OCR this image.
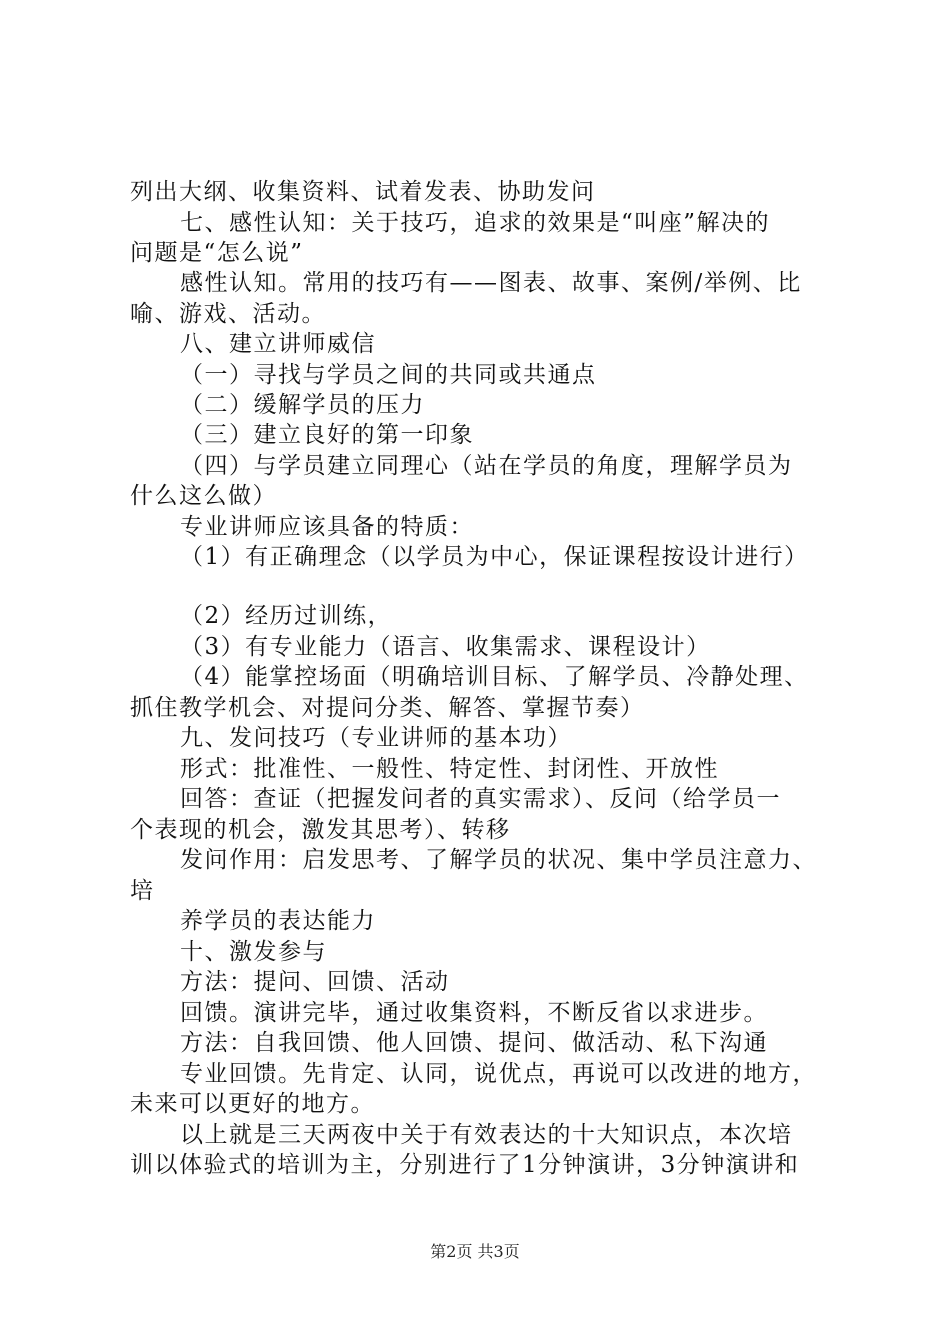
列出大纲、收集资料、试着发表、协助发问
七、感性认知：关于技巧，追求的效果是“叫座”解决的
问题是“怎么说”
感性认知。常用的技巧有——图表、故事、案例/举例、比
喻、游戏、活动。
八、建立讲师威信
（一）寻找与学员之间的共同或共通点
（二）缓解学员的压力
（三）建立良好的第一印象
（四）与学员建立同理心（站在学员的角度，理解学员为
什么这么做）
专业讲师应该具备的特质：
（1）有正确理念（以学员为中心，保证课程按设计进行）
（2）经历过训练，
（3）有专业能力（语言、收集需求、课程设计）
（4）能掌控场面（明确培训目标、了解学员、冷静处理、
抓住教学机会、对提问分类、解答、掌握节奏）
九、发问技巧（专业讲师的基本功）
形式：批准性、一般性、特定性、封闭性、开放性
回答：查证（把握发问者的真实需求）、反问（给学员一
个表现的机会，激发其思考）、转移
发问作用：启发思考、了解学员的状况、集中学员注意力、
培
养学员的表达能力
十、激发参与
方法：提问、回馈、活动
回馈。演讲完毕，通过收集资料，不断反省以求进步。
方法：自我回馈、他人回馈、提问、做活动、私下沟通
专业回馈。先肯定、认同，说优点，再说可以改进的地方，
未来可以更好的地方。
以上就是三天两夜中关于有效表达的十大知识点，本次培
训以体验式的培训为主，分别进行了1分钟演讲，3分钟演讲和
第2页 共3页
